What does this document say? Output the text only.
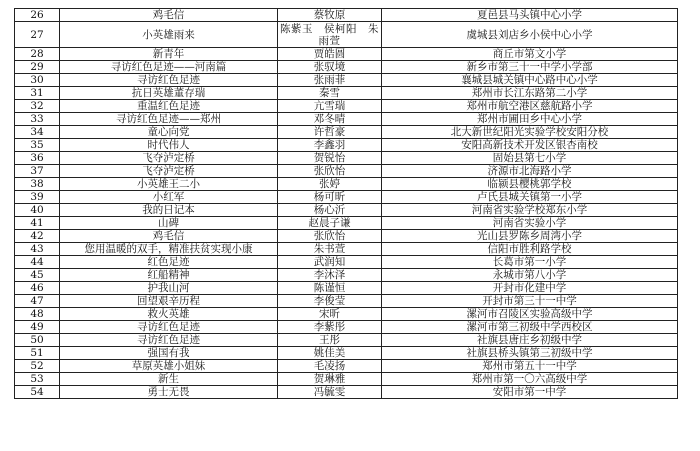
26	鸡毛信	蔡牧原	夏邑县马头镇中心小学
27	小英雄雨来	陈紫玉　侯柯阳　朱雨萱	虞城县刘店乡小侯中心小学
28	新青年	贾皓圆	商丘市第文小学
29	寻访红色足迹——河南篇	张驭境	新乡市第三十一中学小学部
30	寻访红色足迹	张雨菲	襄城县城关镇中心路中心小学
31	抗日英雄董存瑞	秦雪	郑州市长江东路第二小学
32	重温红色足迹	亢雪瑞	郑州市航空港区慈航路小学
33	寻访红色足迹——郑州	邓冬晴	郑州市圃田乡中心小学
34	童心向党	许哲豪	北大新世纪阳光实验学校安阳分校
35	时代伟人	李鑫羽	安阳高新技术开发区银杏南校
36	飞夺泸定桥	贺锐怡	固始县第七小学
37	飞夺泸定桥	张欣怡	济源市北海路小学
38	小英雄王二小	张婷	临颍县樱桃郭学校
39	小红军	杨可昕	卢氏县城关镇第一小学
40	我的日记本	杨心沂	河南省实验学校郑东小学
41	山碑	赵晨子谦	河南省实验小学
42	鸡毛信	张欣怡	光山县罗陈乡周湾小学
43	您用温暖的双手，精准扶贫实现小康	朱书萱	信阳市胜利路学校
44	红色足迹	武润知	长葛市第一小学
45	红船精神	李沐泽	永城市第八小学
46	护我山河	陈谨恒	开封市化建中学
47	回望艰辛历程	李俊莹	开封市第三十一中学
48	救火英雄	宋昕	漯河市召陵区实验高级中学
49	寻访红色足迹	李紫彤	漯河市第三初级中学西校区
50	寻访红色足迹	王彤	社旗县唐庄乡初级中学
51	强国有我	姚佳美	社旗县桥头镇第三初级中学
52	草原英雄小姐妹	毛凌扬	郑州市第五十一中学
53	新生	贺琳雅	郑州市第一〇六高级中学
54	勇士无畏	冯毓雯	安阳市第一中学
